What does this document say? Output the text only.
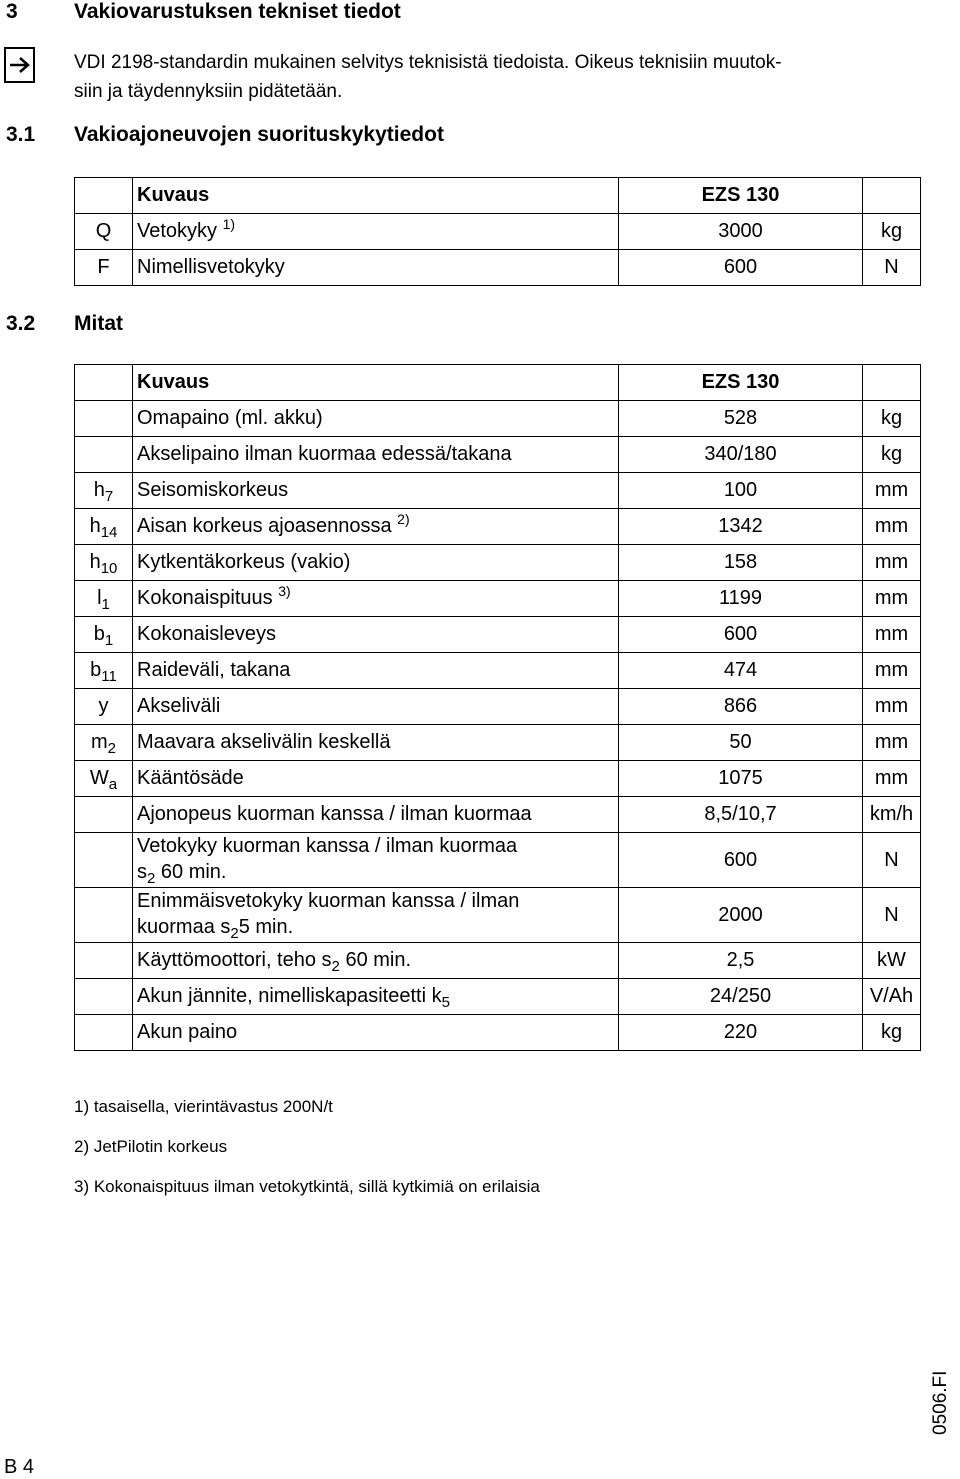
3	Vakiovarustuksen tekniset tiedot
VDI 2198-standardin mukainen selvitys teknisistä tiedoista. Oikeus teknisiin muutok-
siin ja täydennyksiin pidätetään.
3.1 Vakioajoneuvojen suorituskykytiedot
	Kuvaus	EZS 130	
Q	Vetokyky $^{1)}$	3000	kg
F	Nimellisvetokyky	600	N
3.2 Mitat
	Kuvaus	EZS 130	
	Omapaino (ml. akku)	528	kg
	Akselipaino ilman kuormaa edessä/takana	340/180	kg
$h_7$	Seisomiskorkeus	100	mm
$h_{14}$	Aisan korkeus ajoasennossa $^{2)}$	1342	mm
$h_{10}$	Kytkentäkorkeus (vakio)	158	mm
$l_1$	Kokonaispituus $^{3)}$	1199	mm
$b_1$	Kokonaisleveys	600	mm
$b_{11}$	Raideväli, takana	474	mm
y	Akseliväli	866	mm
$m_2$	Maavara akselivälin keskellä	50	mm
$W_a$	Kääntösäde	1075	mm
	Ajonopeus kuorman kanssa / ilman kuormaa	8,5/10,7	km/h
	Vetokyky kuorman kanssa / ilman kuormaa
$s_2$ 60 min.	600	N
	Enimmäisvetokyky kuorman kanssa / ilman
kuormaa $s_25$ min.	2000	N
	Käyttömoottori, teho $s_2$ 60 min.	2,5	kW
	Akun jännite, nimelliskapasiteetti $k_5$	24/250	V/Ah
	Akun paino	220	kg
1) tasaisella, vierintävastus 200N/t
2) JetPilotin korkeus
3) Kokonaispituus ilman vetokytkintä, sillä kytkimiä on erilaisia
B 4
0506.FI
